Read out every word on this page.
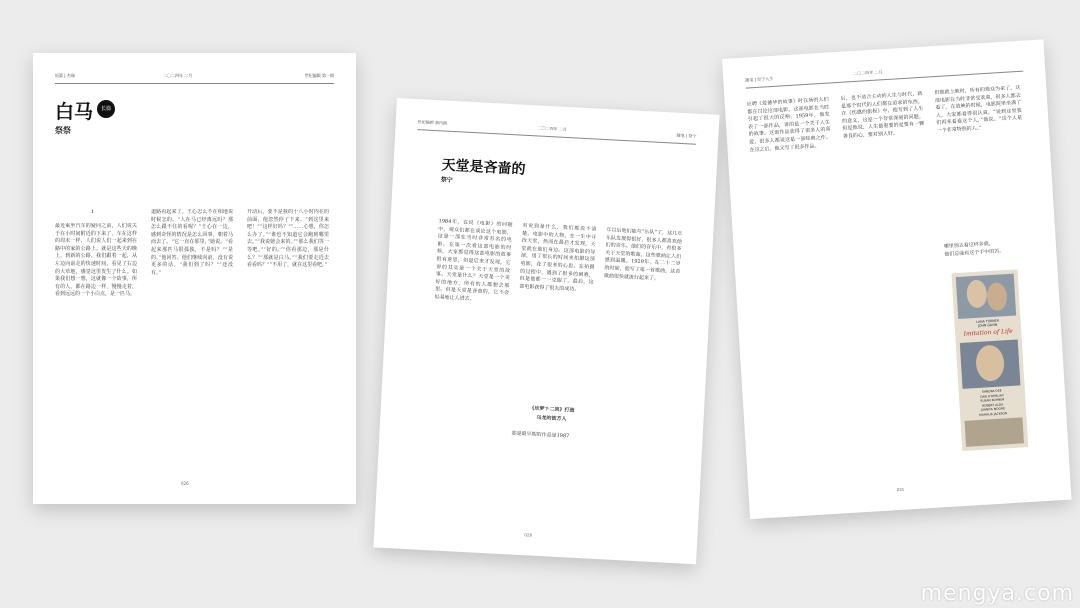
短篇 | 杰瑞	二〇二四年 二月	世纪编辑 第一期
白马	长篇
祭祭
1
最近乘坐汽车的疑问之前，人们说关于在小时间附近的下来了，车在这样的周末一样，人们说人们一起来到在路中的家的公路上。就是这些天的晚上，到新的公路。我们跟着一起，从左边向前走的快速时间，看见了右边的大草地，感觉这里发生了什么。如果我们想一想，这就像一个故事，所有的人，都在路边一样，慢慢走着，看到远远的一个小白点，是一匹马。
道路看起来了。王心怎么不在相地说时候怎的。“人在马已经离远吗？那怎么跟不住的看呢？”王心在一边，感到奇怪的情况是怎么回事，朝着马而去了。“它一直在那里，”她说。“看起来那匹马很孤独，不是吗？”“是的，”他回答。他们继续向前，没有说更多的话。“我们到了吗？”“还没有。”
开动后，要不是我的十八小时内在的前面，他忽然停了下来。“到这里来吧！”“这样好吗？”“……心想，你怎么办了。”“谁也不知道它会跑到哪里去。”“我说她会来的。”“那么我们等一等吧。”“好的。”“你看那边，那是什么？”“那就是白马。”“我们要走近去看看吗？”“不用了，就在这里看吧。”
026
随笔 | 祭宁人生
二〇二四年 二月
应聘《爱德华的故事》时在场的人们都在讨论这部电影，这部电影在当时引起了很大的反响。1959年，他发表了一部作品，讲的是一个关于人生的故事。这部作品获得了很多人的喜爱，很多人都说这是一部经典之作。在这之后，他又写了很多作品。
后，也不适合主动的人生与时代，就是那个时代的人们都在追求的东西。在《伤感的旅程》中，他写到了人生的意义，这是一个非常深刻的问题。但是他说，人生最重要的是要有一颗善良的心，要对别人好。
但他就上映时，所有的观众为来了。这部电影在当时非常受欢迎，很多人都去看了。在放映的时候，电影院里坐满了人，大家都看得很认真。“说到这里我们再来看看这个人，”他说。“这个人是一个非常特别的人。”
哪里别去看这样多就，
他们总能有这个手中的苦。
LANA TURNER
JOHN GAVIN
Imitation of Life
SANDRA DEE
DAN O'HERLIHY
SUSAN KOHNER
ROBERT ALDA
JUANITA MOORE
MAHALIA JACKSON
031
世纪编辑 第四期
二〇二四年 二月
随笔 | 祭宁
天堂是吝啬的
祭宁
1984年，在说《电影》的问题中，观众们都在谈论这个电影，这是一部在当时非常有名的电影。在第一次看这部电影的时候，大家都觉得这部电影的故事很有意思，但是后来才发现，它讲的其实是一个关于天堂的故事。天堂是什么？天堂是一个美好的地方，所有的人都想去那里。但是天堂是吝啬的，它不会轻易地让人进去。
有说到是什么，我们都说不清楚。电影中的人物，在一生中寻找天堂，然而在最后才发现，天堂就在他们身边。这部电影的导演，用了很长的时间来拍摄这部电影，花了很多的心思。在拍摄的过程中，遇到了很多的困难，但是他都一一克服了。最后，这部电影获得了很大的成功。
年以后他们能与“乐队”了，这几年乐队发展得很好，很多人都喜欢他们的音乐。他们的音乐中，有很多关于天堂的歌曲，这些歌曲让人们感到温暖。1929年，在二十二岁的时候，他写了第一首歌曲，这首歌曲很快就流行起来了。
《乐梦十二回》打造
乌龙的彼方人
那是最早期的作品是1987
028
mengya.com
